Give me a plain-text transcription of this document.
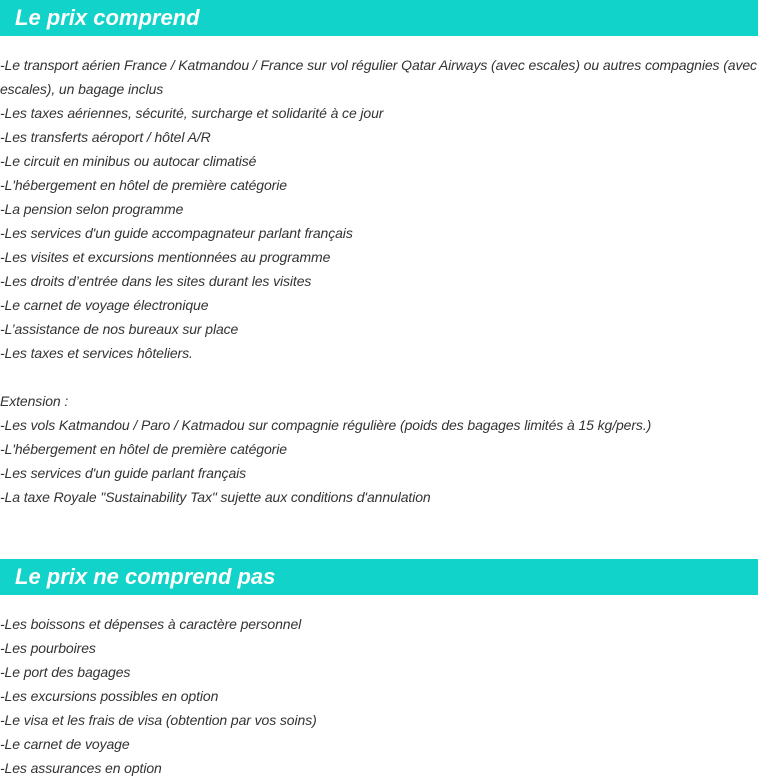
Le prix comprend
-Le transport aérien France / Katmandou / France sur vol régulier Qatar Airways (avec escales) ou autres compagnies (avec escales), un bagage inclus
-Les taxes aériennes, sécurité, surcharge et solidarité à ce jour
-Les transferts aéroport / hôtel A/R
-Le circuit en minibus ou autocar climatisé
-L'hébergement en hôtel de première catégorie
-La pension selon programme
-Les services d'un guide accompagnateur parlant français
-Les visites et excursions mentionnées au programme
-Les droits d’entrée dans les sites durant les visites
-Le carnet de voyage électronique
-L’assistance de nos bureaux sur place
-Les taxes et services hôteliers.
Extension :
-Les vols Katmandou / Paro / Katmadou sur compagnie régulière (poids des bagages limités à 15 kg/pers.)
-L'hébergement en hôtel de première catégorie
-Les services d'un guide parlant français
-La taxe Royale "Sustainability Tax" sujette aux conditions d'annulation
Le prix ne comprend pas
-Les boissons et dépenses à caractère personnel
-Les pourboires
-Le port des bagages
-Les excursions possibles en option
-Le visa et les frais de visa (obtention par vos soins)
-Le carnet de voyage
-Les assurances en option
